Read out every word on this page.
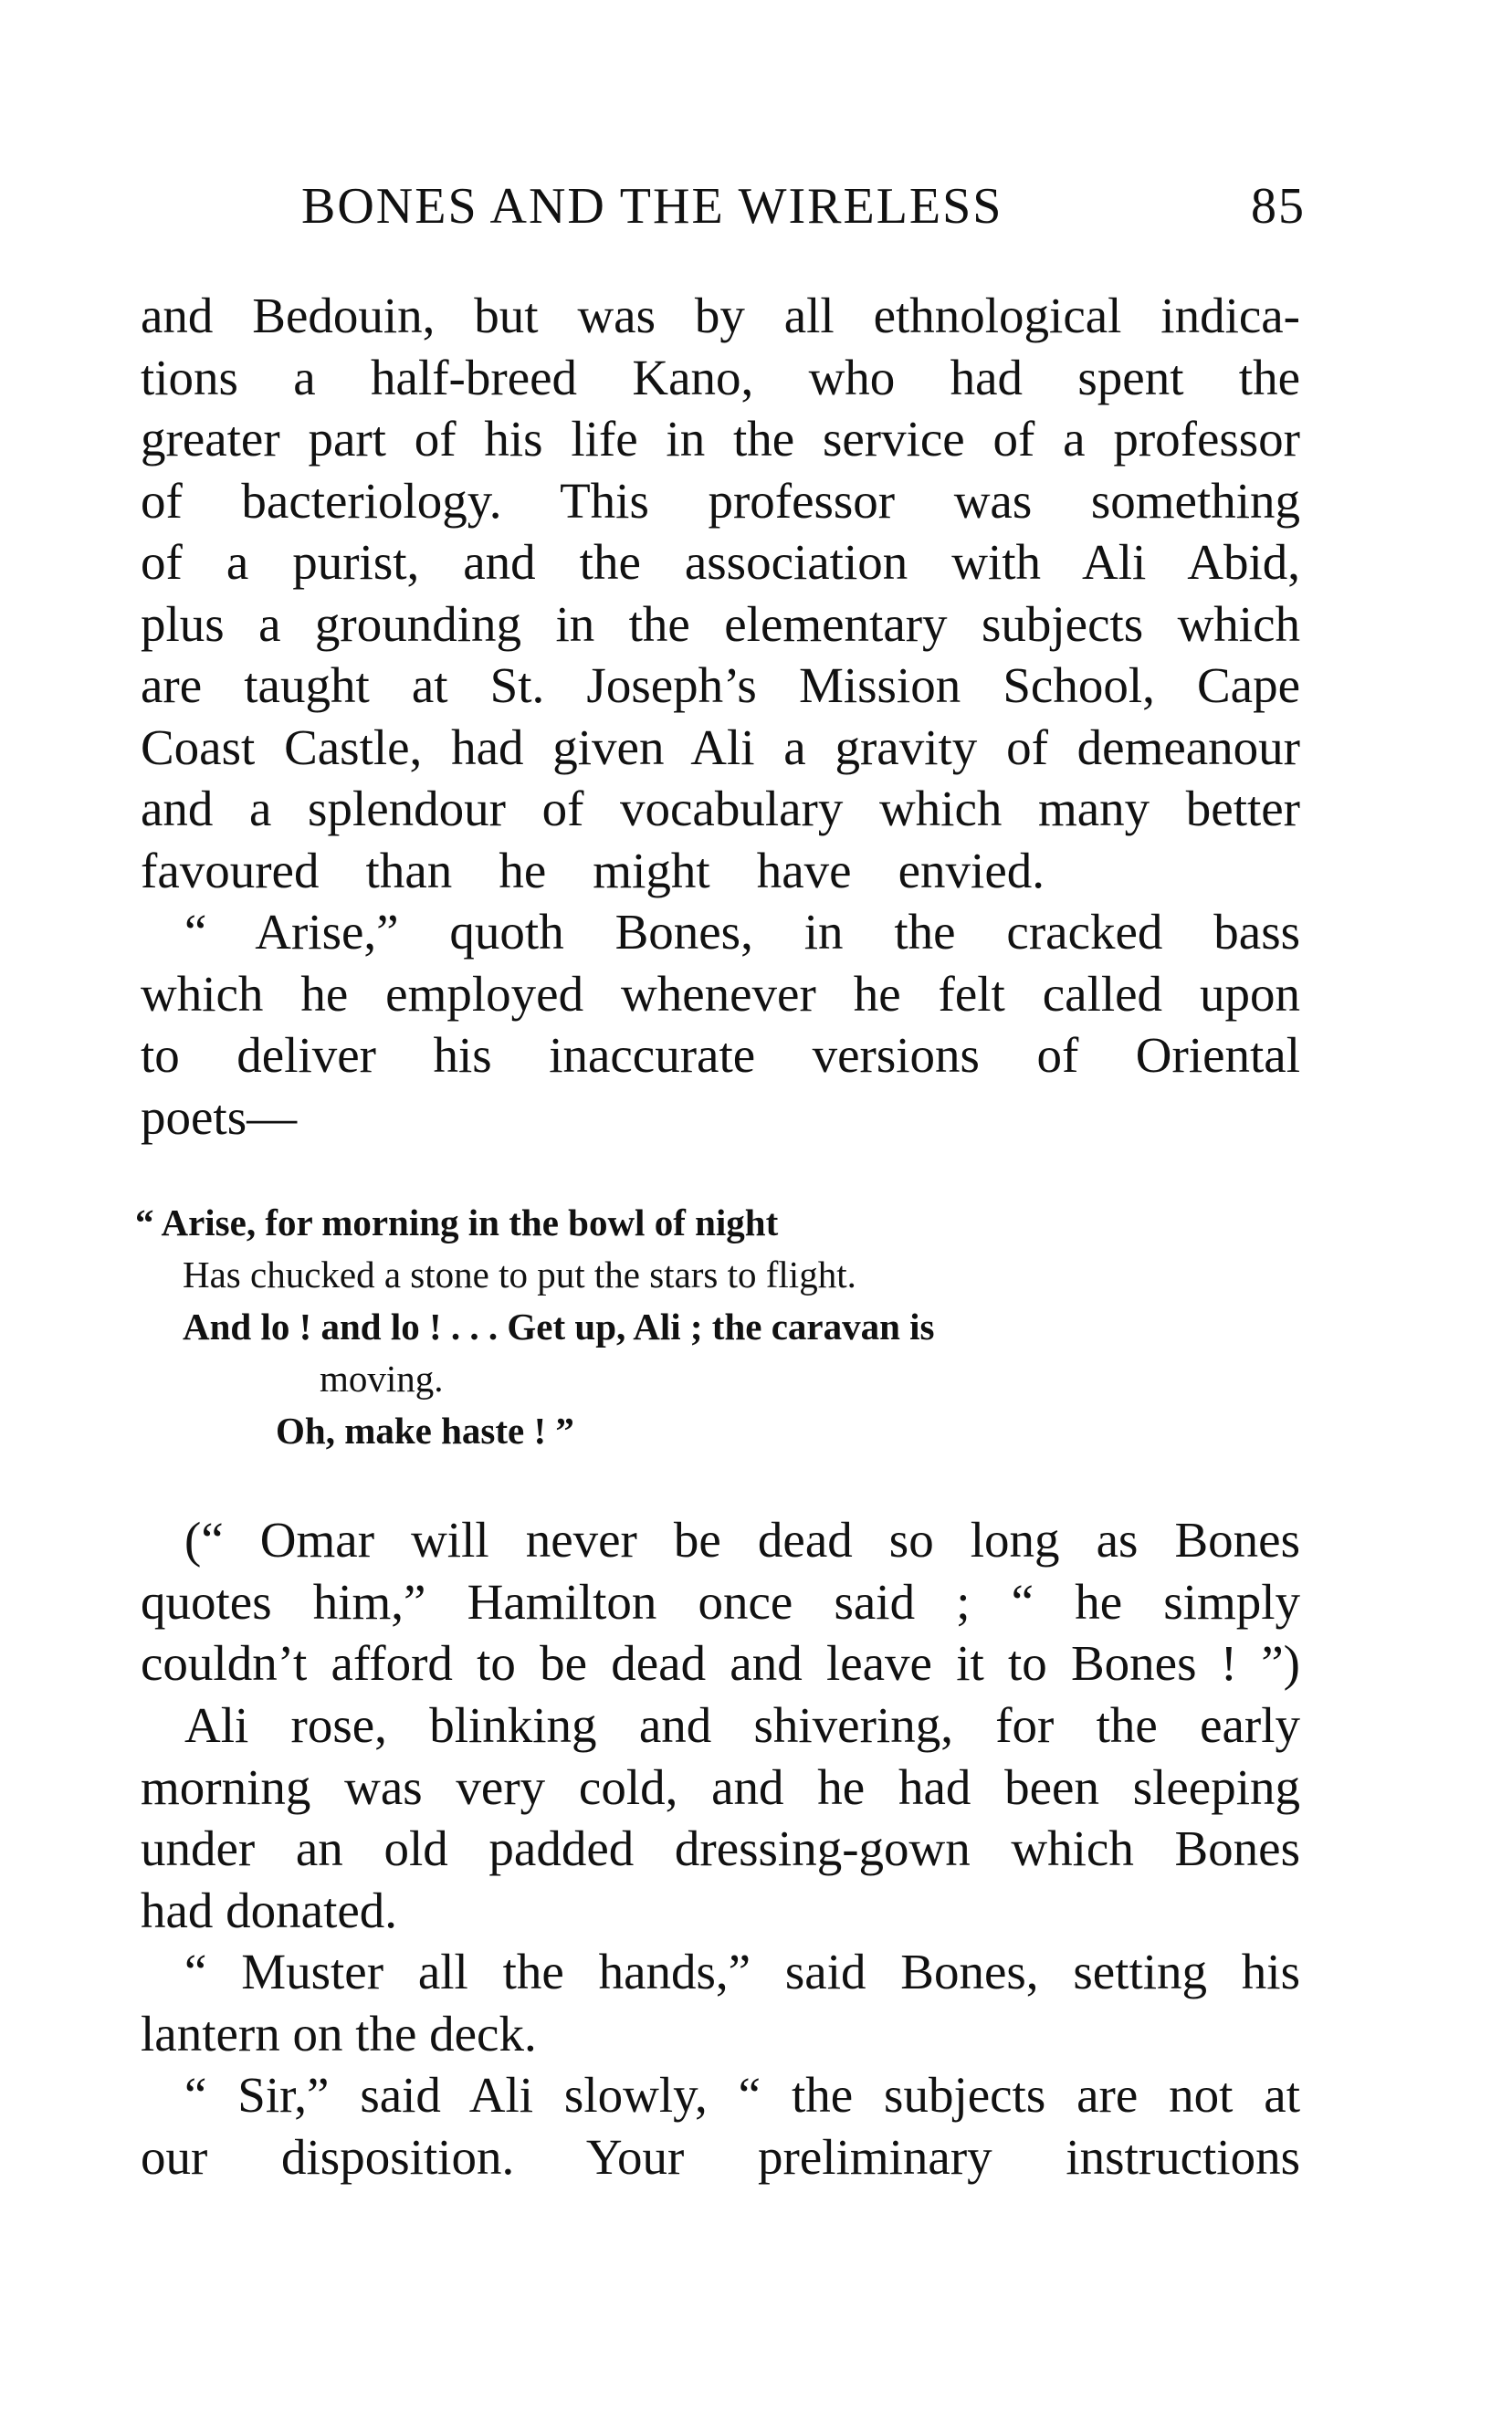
BONES AND THE WIRELESS	85
and Bedouin, but was by all ethnological indica-
tions a half-breed Kano, who had spent the
greater part of his life in the service of a professor
of bacteriology. This professor was something
of a purist, and the association with Ali Abid,
plus a grounding in the elementary subjects which
are taught at St. Joseph’s Mission School, Cape
Coast Castle, had given Ali a gravity of demeanour
and a splendour of vocabulary which many better
favoured than he might have envied.
“ Arise,” quoth Bones, in the cracked bass
which he employed whenever he felt called upon
to deliver his inaccurate versions of Oriental
poets—
“ Arise, for morning in the bowl of night
Has chucked a stone to put the stars to flight.
And lo ! and lo ! . . . Get up, Ali ; the caravan is
moving.
Oh, make haste ! ”
(“ Omar will never be dead so long as Bones
quotes him,” Hamilton once said ; “ he simply
couldn’t afford to be dead and leave it to Bones ! ”)
Ali rose, blinking and shivering, for the early
morning was very cold, and he had been sleeping
under an old padded dressing-gown which Bones
had donated.
“ Muster all the hands,” said Bones, setting his
lantern on the deck.
“ Sir,” said Ali slowly, “ the subjects are not at
our disposition. Your preliminary instructions
